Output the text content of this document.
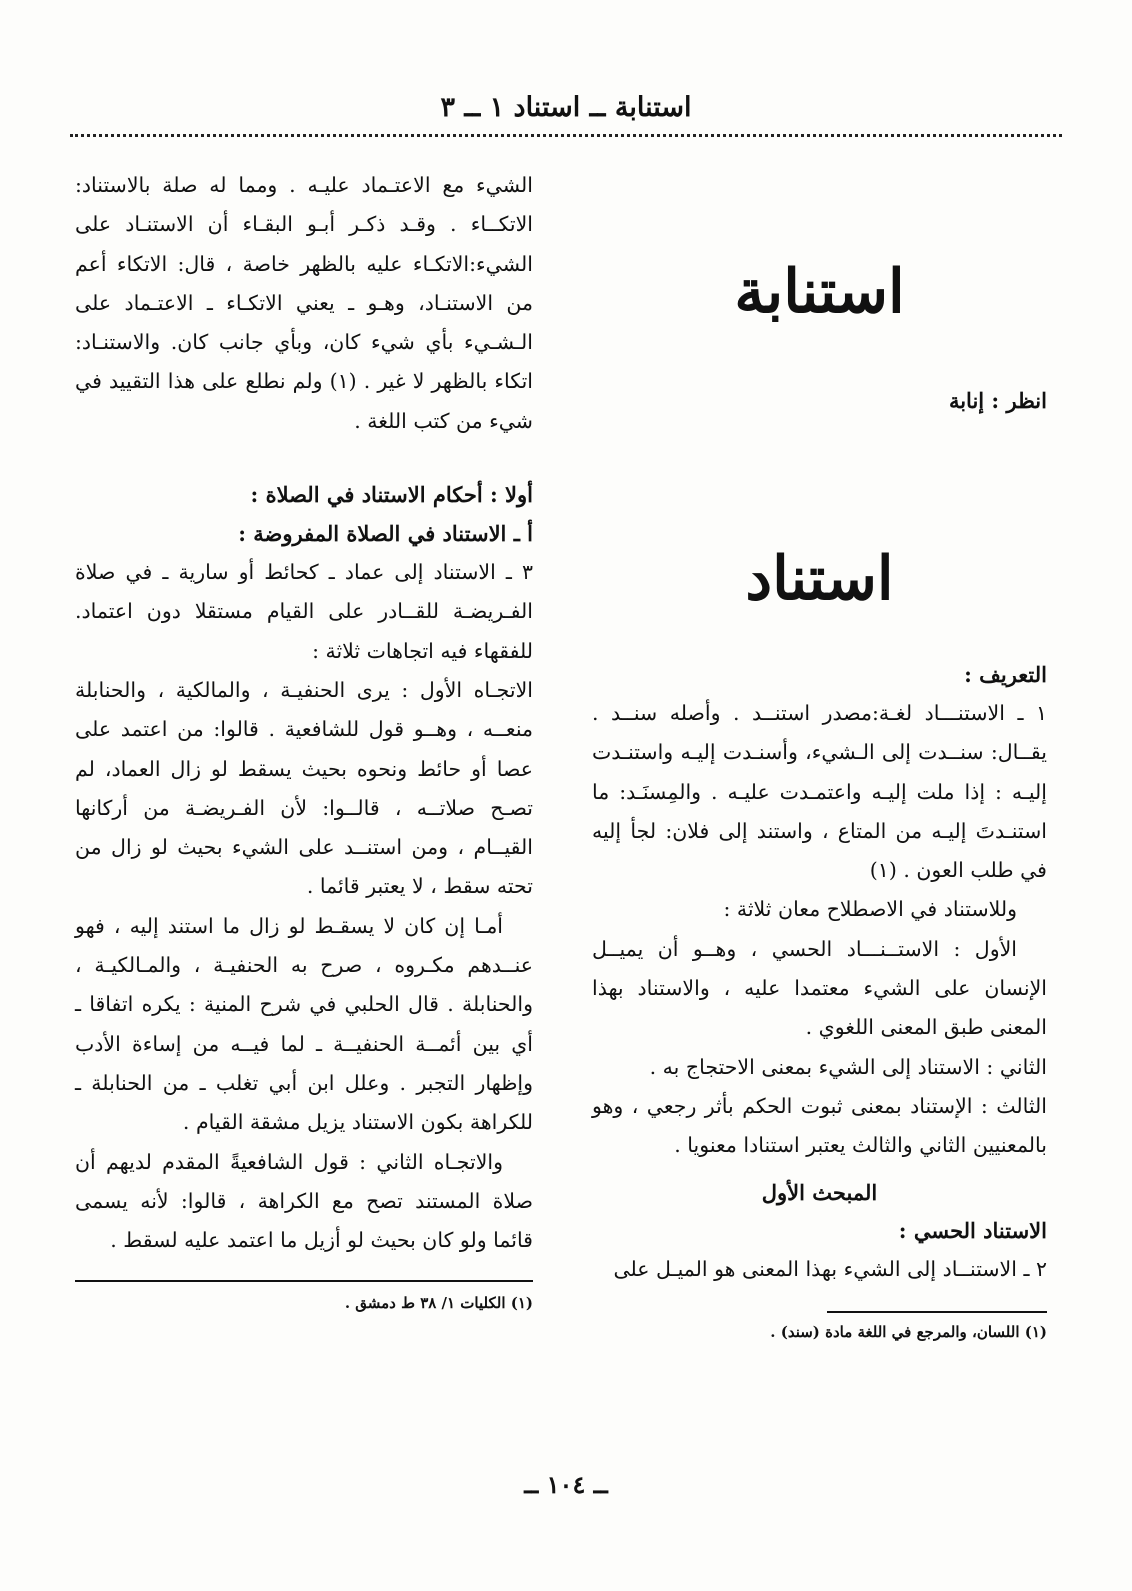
استنابة ــ استناد ١ ــ ٣
استنابة

انظر : إنابة

استناد

التعريف :

١ ـ الاستنـــاد لغـة:مصدر استنــد . وأصله سنــد . يقــال: سنــدت إلى الـشيء، وأسنـدت إليـه واستنـدت إليـه : إذا ملت إليـه واعتمـدت عليـه . والمِسنَـد: ما استنـدتَ إليـه من المتاع ، واستند إلى فلان: لجأ إليه في طلب العون . (١)

وللاستناد في الاصطلاح معان ثلاثة :

الأول : الاستــنـــاد الحسي ، وهــو أن يميــل الإنسان على الشيء معتمدا عليه ، والاستناد بهذا المعنى طبق المعنى اللغوي .

الثاني : الاستناد إلى الشيء بمعنى الاحتجاج به .

الثالث : الإستناد بمعنى ثبوت الحكم بأثر رجعي ، وهو بالمعنيين الثاني والثالث يعتبر استنادا معنويا .

المبحث الأول

الاستناد الحسي :

٢ ـ الاستنــاد إلى الشيء بهذا المعنى هو الميـل على

(١) اللسان، والمرجع في اللغة مادة (سند) .

الشيء مع الاعتـماد عليـه . ومما له صلة بالاستناد: الاتكــاء . وقـد ذكـر أبـو البقـاء أن الاستنـاد على الشيء:الاتكـاء عليه بالظهر خاصة ، قال: الاتكاء أعم من الاستنـاد، وهـو ـ يعني الاتكـاء ـ الاعتـماد على الـشـيء بأي شيء كان، وبأي جانب كان. والاستنـاد: اتكاء بالظهر لا غير . (١) ولم نطلع على هذا التقييد في شيء من كتب اللغة .

أولا : أحكام الاستناد في الصلاة :

أ ـ الاستناد في الصلاة المفروضة :

٣ ـ الاستناد إلى عماد ـ كحائط أو سارية ـ في صلاة الفـريضـة للقــادر على القيام مستقلا دون اعتماد. للفقهاء فيه اتجاهات ثلاثة :

الاتجـاه الأول : يرى الحنفيـة ، والمالكية ، والحنابلة منعــه ، وهــو قول للشافعية . قالوا: من اعتمد على عصا أو حائط ونحوه بحيث يسقط لو زال العماد، لم تصـح صلاتــه ، قالــوا: لأن الفـريضـة من أركانها القيــام ، ومن استنــد على الشيء بحيث لو زال من تحته سقط ، لا يعتبر قائما .

أمـا إن كان لا يسقـط لو زال ما استند إليه ، فهو عنــدهم مكـروه ، صرح به الحنفيـة ، والمـالكيـة ، والحنابلة . قال الحلبي في شرح المنية : يكره اتفاقا ـ أي بين أئمــة الحنفيــة ـ لما فيــه من إساءة الأدب وإظهار التجبر . وعلل ابن أبي تغلب ـ من الحنابلة ـ للكراهة بكون الاستناد يزيل مشقة القيام .

والاتجـاه الثاني : قول الشافعيةً المقدم لديهم أن صلاة المستند تصح مع الكراهة ، قالوا: لأنه يسمى قائما ولو كان بحيث لو أزيل ما اعتمد عليه لسقط .

(١) الكليات ١/ ٣٨ ط دمشق .

ــ ١٠٤ ــ
